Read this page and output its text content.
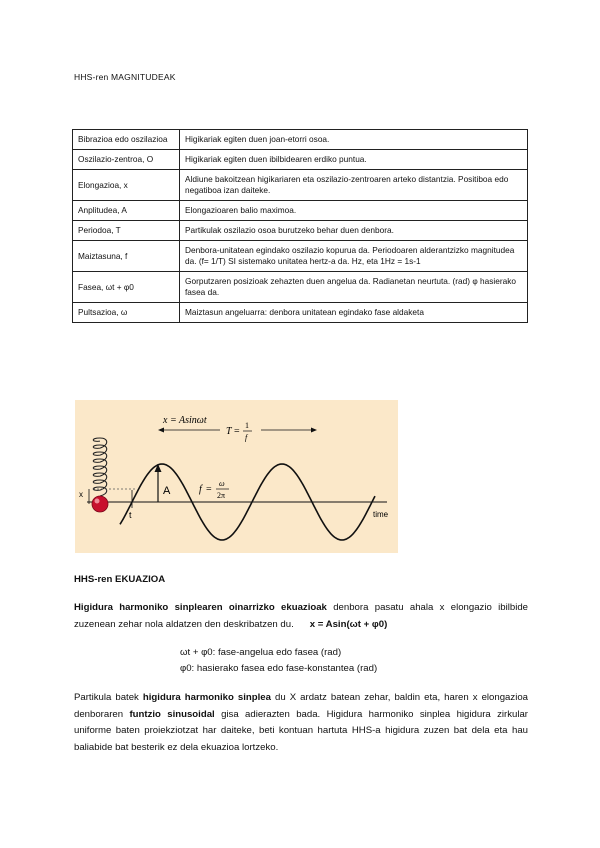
HHS-ren MAGNITUDEAK
Bibrazioa edo oszilazioa	Higikariak egiten duen joan-etorri osoa.
Oszilazio-zentroa, O	Higikariak egiten duen ibilbidearen erdiko puntua.
Elongazioa, x	Aldiune bakoitzean higikariaren eta oszilazio-zentroaren arteko distantzia. Positiboa edo negatiboa izan daiteke.
Anplitudea, A	Elongazioaren balio maximoa.
Periodoa, T	Partikulak oszilazio osoa burutzeko behar duen denbora.
Maiztasuna, f	Denbora-unitatean egindako oszilazio kopurua da. Periodoaren alderantzizko magnitudea da. (f= 1/T) SI sistemako unitatea hertz-a da. Hz, eta 1Hz = 1s-1
Fasea, ωt + φ0	Gorputzaren posizioak zehazten duen angelua da. Radianetan neurtuta. (rad) φ hasierako fasea da.
Pultsazioa, ω	Maiztasun angeluarra: denbora unitatean egindako fase aldaketa
time
x
t
A
x = Asinωt
T =
1
f
f =
ω
2π
HHS-ren EKUAZIOA
Higidura harmoniko sinplearen oinarrizko ekuazioak denbora pasatu ahala x elongazio ibilbide zuzenean zehar nola aldatzen den deskribatzen du. x = Asin(ωt + φ0)
ωt + φ0: fase-angelua edo fasea (rad)
φ0: hasierako fasea edo fase-konstantea (rad)
Partikula batek higidura harmoniko sinplea du X ardatz batean zehar, baldin eta, haren x elongazioa denboraren funtzio sinusoidal gisa adierazten bada. Higidura harmoniko sinplea higidura zirkular uniforme baten proiekziotzat har daiteke, beti kontuan hartuta HHS-a higidura zuzen bat dela eta hau baliabide bat besterik ez dela ekuazioa lortzeko.
